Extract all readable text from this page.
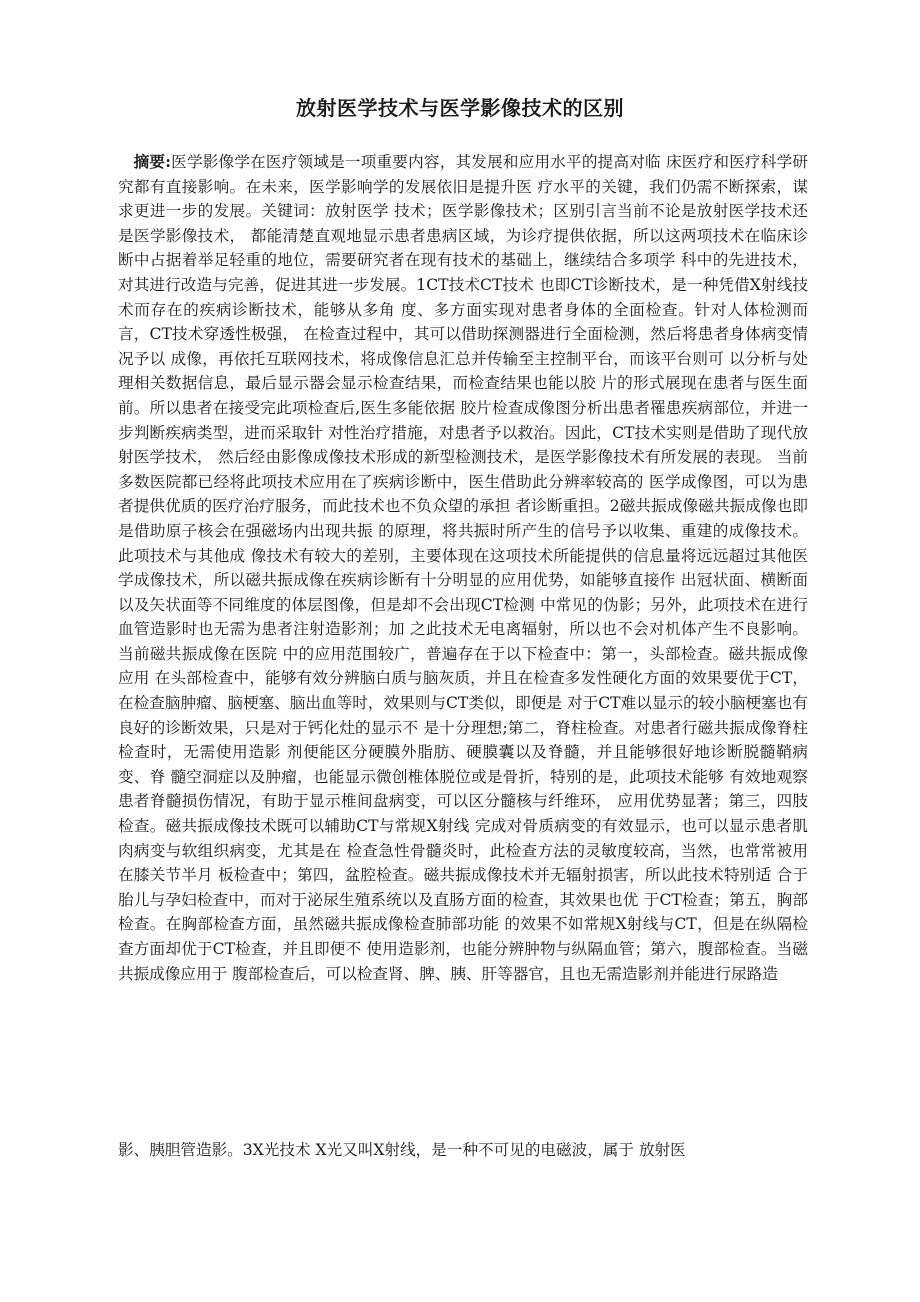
放射医学技术与医学影像技术的区别

摘要:医学影像学在医疗领域是一项重要内容，其发展和应用水平的提高对临 床医疗和医疗科学研究都有直接影响。在未来，医学影响学的发展依旧是提升医 疗水平的关键，我们仍需不断探索，谋求更进一步的发展。关键词：放射医学 技术；医学影像技术；区别引言当前不论是放射医学技术还是医学影像技术， 都能清楚直观地显示患者患病区域，为诊疗提供依据，所以这两项技术在临床诊 断中占据着举足轻重的地位，需要研究者在现有技术的基础上，继续结合多项学 科中的先进技术，对其进行改造与完善，促进其进一步发展。1CT技术CT技术 也即CT诊断技术，是一种凭借X射线技术而存在的疾病诊断技术，能够从多角 度、多方面实现对患者身体的全面检查。针对人体检测而言，CT技术穿透性极强， 在检查过程中，其可以借助探测器进行全面检测，然后将患者身体病变情况予以 成像，再依托互联网技术，将成像信息汇总并传输至主控制平台，而该平台则可 以分析与处理相关数据信息，最后显示器会显示检查结果，而检查结果也能以胶 片的形式展现在患者与医生面前。所以患者在接受完此项检查后,医生多能依据 胶片检查成像图分析出患者罹患疾病部位，并进一步判断疾病类型，进而采取针 对性治疗措施，对患者予以救治。因此，CT技术实则是借助了现代放射医学技术， 然后经由影像成像技术形成的新型检测技术，是医学影像技术有所发展的表现。 当前多数医院都已经将此项技术应用在了疾病诊断中，医生借助此分辨率较高的 医学成像图，可以为患者提供优质的医疗治疗服务，而此技术也不负众望的承担 者诊断重担。2磁共振成像磁共振成像也即是借助原子核会在强磁场内出现共振 的原理，将共振时所产生的信号予以收集、重建的成像技术。此项技术与其他成 像技术有较大的差别，主要体现在这项技术所能提供的信息量将远远超过其他医 学成像技术，所以磁共振成像在疾病诊断有十分明显的应用优势，如能够直接作 出冠状面、横断面以及矢状面等不同维度的体层图像，但是却不会出现CT检测 中常见的伪影；另外，此项技术在进行血管造影时也无需为患者注射造影剂；加 之此技术无电离辐射，所以也不会对机体产生不良影响。当前磁共振成像在医院 中的应用范围较广，普遍存在于以下检查中：第一，头部检查。磁共振成像应用 在头部检查中，能够有效分辨脑白质与脑灰质，并且在检查多发性硬化方面的效果要优于CT，在检查脑肿瘤、脑梗塞、脑出血等时，效果则与CT类似，即便是 对于CT难以显示的较小脑梗塞也有良好的诊断效果，只是对于钙化灶的显示不 是十分理想;第二，脊柱检查。对患者行磁共振成像脊柱检查时，无需使用造影 剂便能区分硬膜外脂肪、硬膜囊以及脊髓，并且能够很好地诊断脱髓鞘病变、脊 髓空洞症以及肿瘤，也能显示微创椎体脱位或是骨折，特别的是，此项技术能够 有效地观察患者脊髓损伤情况，有助于显示椎间盘病变，可以区分髓核与纤维环， 应用优势显著；第三，四肢检查。磁共振成像技术既可以辅助CT与常规X射线 完成对骨质病变的有效显示，也可以显示患者肌肉病变与软组织病变，尤其是在 检查急性骨髓炎时，此检查方法的灵敏度较高，当然，也常常被用在膝关节半月 板检查中；第四，盆腔检查。磁共振成像技术并无辐射损害，所以此技术特别适 合于胎儿与孕妇检查中，而对于泌尿生殖系统以及直肠方面的检查，其效果也优 于CT检查；第五，胸部检查。在胸部检查方面，虽然磁共振成像检查肺部功能 的效果不如常规X射线与CT，但是在纵隔检查方面却优于CT检查，并且即便不 使用造影剂，也能分辨肿物与纵隔血管；第六，腹部检查。当磁共振成像应用于 腹部检查后，可以检查肾、脾、胰、肝等器官，且也无需造影剂并能进行尿路造

影、胰胆管造影。3X光技术 X光又叫X射线，是一种不可见的电磁波，属于 放射医
